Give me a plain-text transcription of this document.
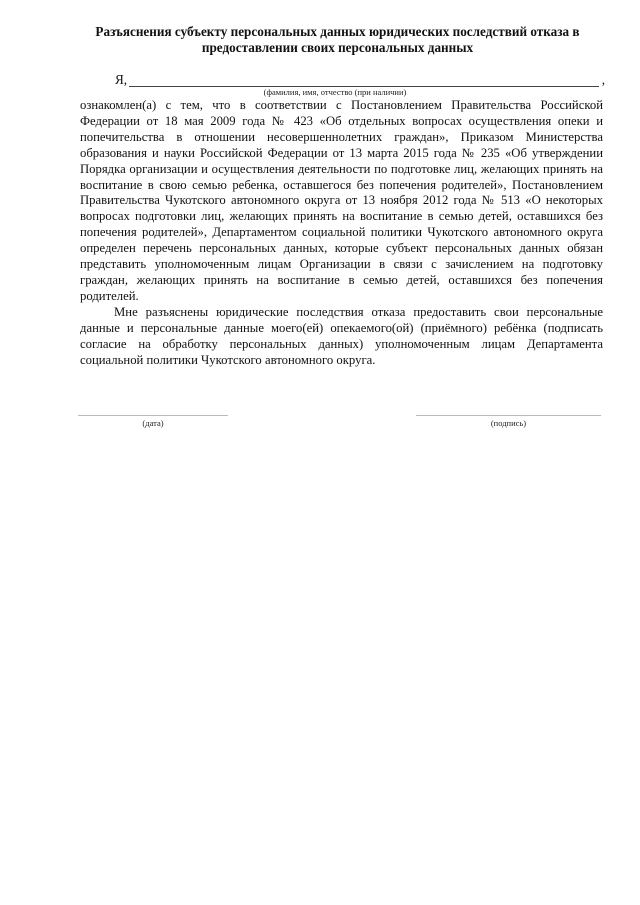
Разъяснения субъекту персональных данных юридических последствий отказа в предоставлении своих персональных данных
Я,	,
(фамилия, имя, отчество (при наличии)

ознакомлен(а) с тем, что в соответствии с Постановлением Правительства Российской Федерации от 18 мая 2009 года № 423 «Об отдельных вопросах осуществления опеки и попечительства в отношении несовершеннолетних граждан», Приказом Министерства образования и науки Российской Федерации от 13 марта 2015 года № 235 «Об утверждении Порядка организации и осуществления деятельности по подготовке лиц, желающих принять на воспитание в свою семью ребенка, оставшегося без попечения родителей», Постановлением Правительства Чукотского автономного округа от 13 ноября 2012 года № 513 «О некоторых вопросах подготовки лиц, желающих принять на воспитание в семью детей, оставшихся без попечения родителей», Департаментом социальной политики Чукотского автономного округа определен перечень персональных данных, которые субъект персональных данных обязан представить уполномоченным лицам Организации в связи с зачислением на подготовку граждан, желающих принять на воспитание в семью детей, оставшихся без попечения родителей.

Мне разъяснены юридические последствия отказа предоставить свои персональные данные и персональные данные моего(ей) опекаемого(ой) (приёмного) ребёнка (подписать согласие на обработку персональных данных) уполномоченным лицам Департамента социальной политики Чукотского автономного округа.

(дата)	(подпись)
